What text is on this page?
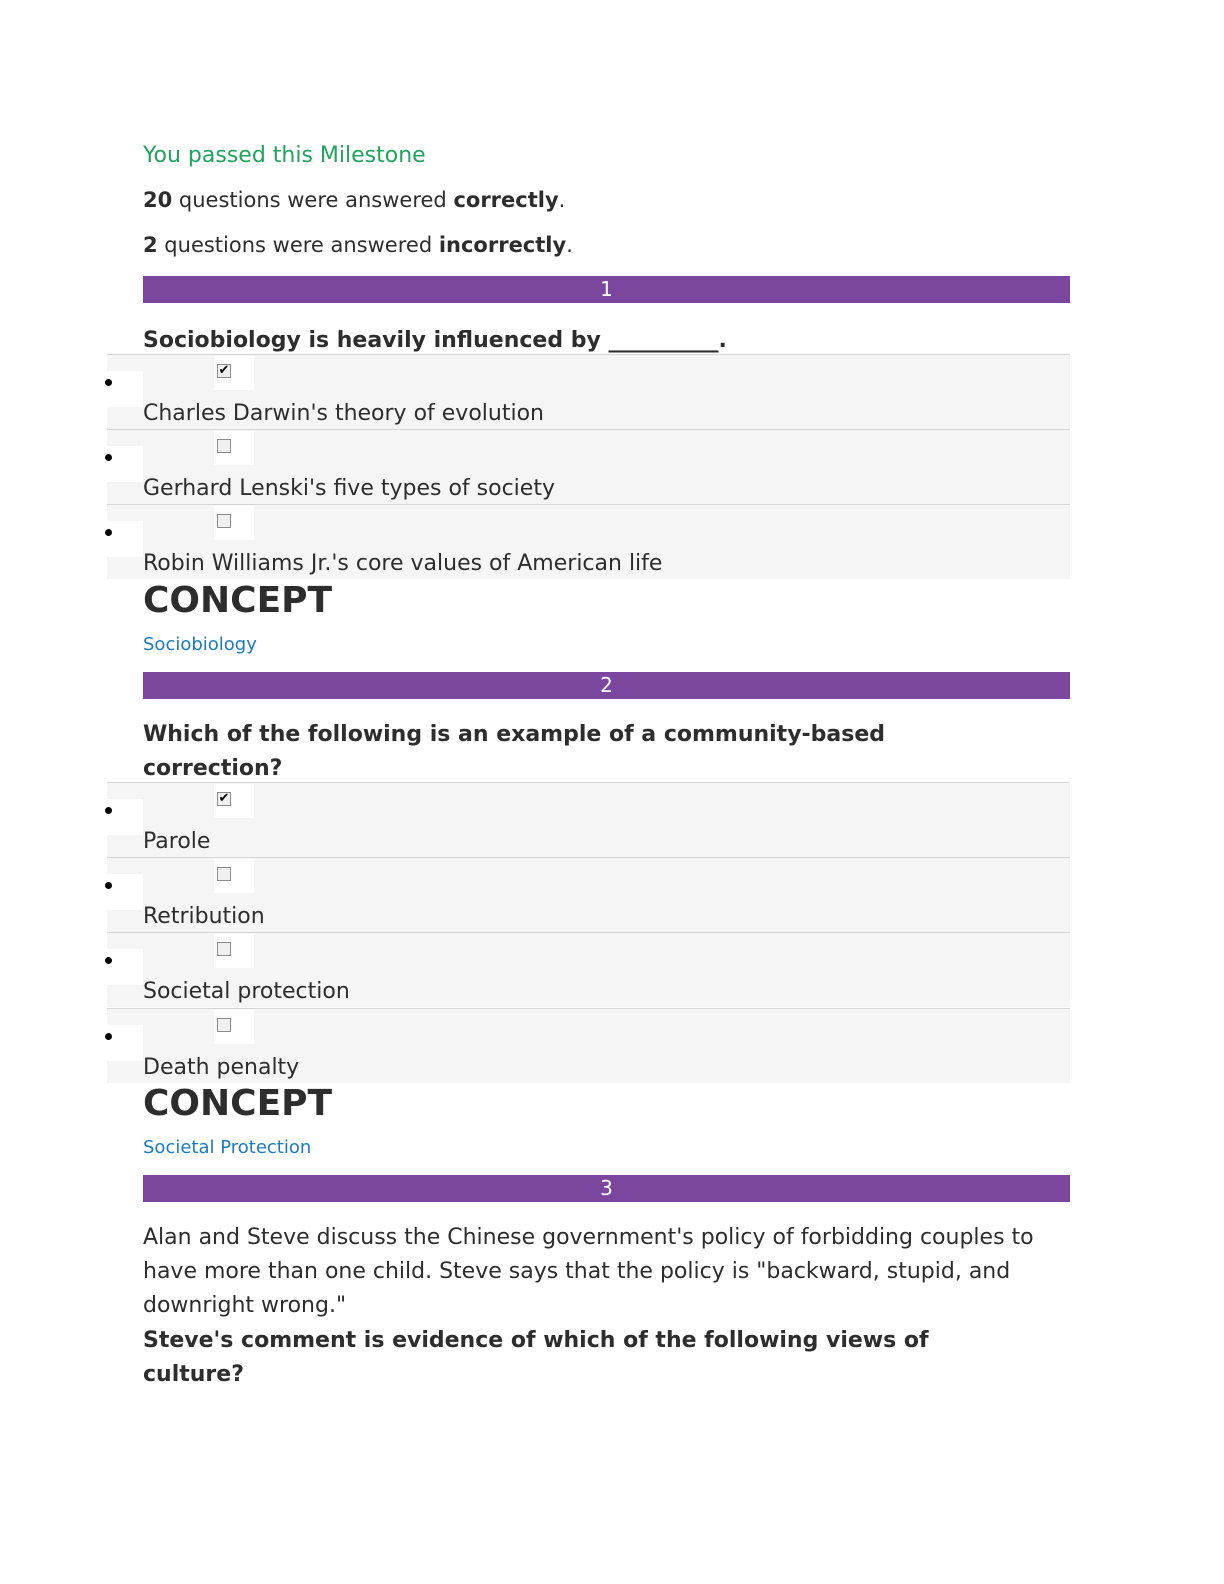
You passed this Milestone
20 questions were answered correctly.
2 questions were answered incorrectly.
1
Sociobiology is heavily influenced by __________.
✔
Charles Darwin's theory of evolution
Gerhard Lenski's five types of society
Robin Williams Jr.'s core values of American life
CONCEPT
Sociobiology
2
Which of the following is an example of a community-based correction?
✔
Parole
Retribution
Societal protection
Death penalty
CONCEPT
Societal Protection
3
Alan and Steve discuss the Chinese government's policy of forbidding couples to have more than one child. Steve says that the policy is "backward, stupid, and downright wrong."
Steve's comment is evidence of which of the following views of culture?
